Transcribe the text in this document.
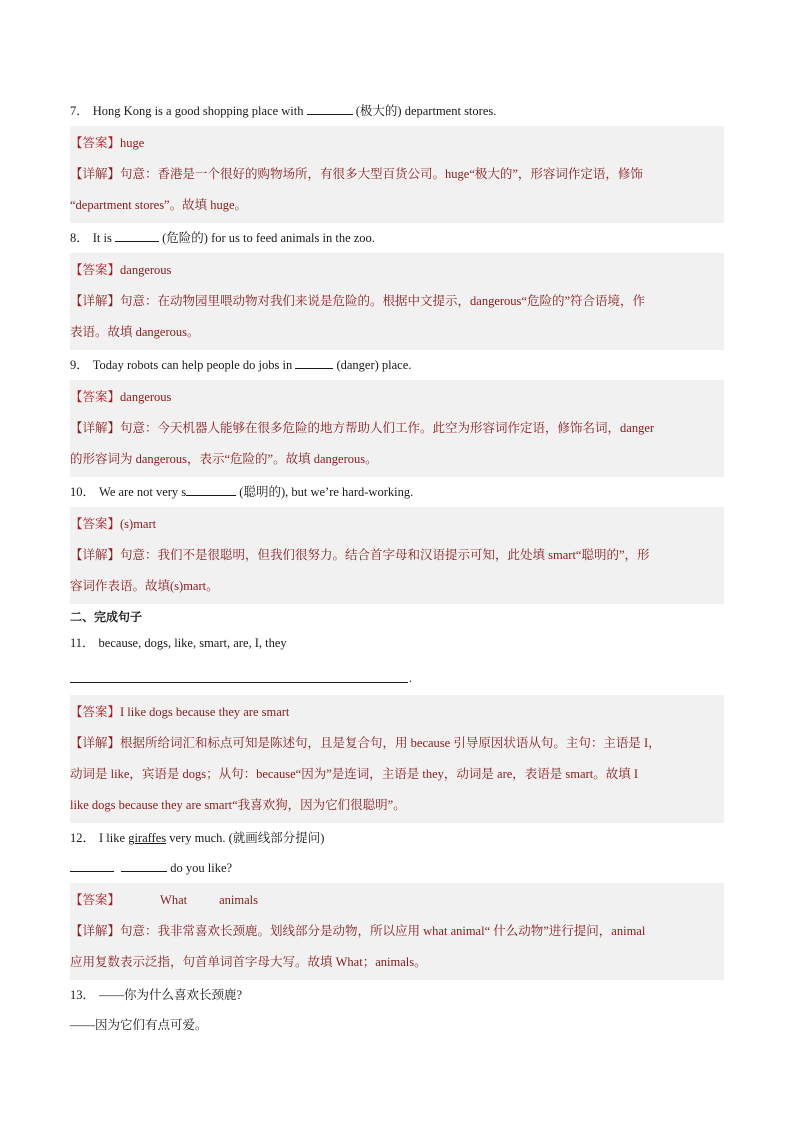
7． Hong Kong is a good shopping place with	(极大的) department stores.
【答案】huge
【详解】句意：香港是一个很好的购物场所，有很多大型百货公司。huge“极大的”，形容词作定语，修饰
“department stores”。故填 huge。
8． It is	(危险的) for us to feed animals in the zoo.
【答案】dangerous
【详解】句意：在动物园里喂动物对我们来说是危险的。根据中文提示，dangerous“危险的”符合语境，作
表语。故填 dangerous。
9． Today robots can help people do jobs in	(danger) place.
【答案】dangerous
【详解】句意：今天机器人能够在很多危险的地方帮助人们工作。此空为形容词作定语，修饰名词，danger
的形容词为 dangerous，表示“危险的”。故填 dangerous。
10． We are not very s	(聪明的), but we’re hard-working.
【答案】(s)mart
【详解】句意：我们不是很聪明，但我们很努力。结合首字母和汉语提示可知，此处填 smart“聪明的”，形
容词作表语。故填(s)mart。
二、完成句子
11． because, dogs, like, smart, are, I, they
.
【答案】I like dogs because they are smart
【详解】根据所给词汇和标点可知是陈述句，且是复合句，用 because 引导原因状语从句。主句：主语是 I，
动词是 like，宾语是 dogs；从句：because“因为”是连词，主语是 they，动词是 are，表语是 smart。故填 I
like dogs because they are smart“我喜欢狗，因为它们很聪明”。
12． I like giraffes very much. (就画线部分提问)
do you like?
【答案】	What	animals
【详解】句意：我非常喜欢长颈鹿。划线部分是动物，所以应用 what animal“ 什么动物”进行提问，animal
应用复数表示泛指，句首单词首字母大写。故填 What；animals。
13． ——你为什么喜欢长颈鹿?
——因为它们有点可爱。
